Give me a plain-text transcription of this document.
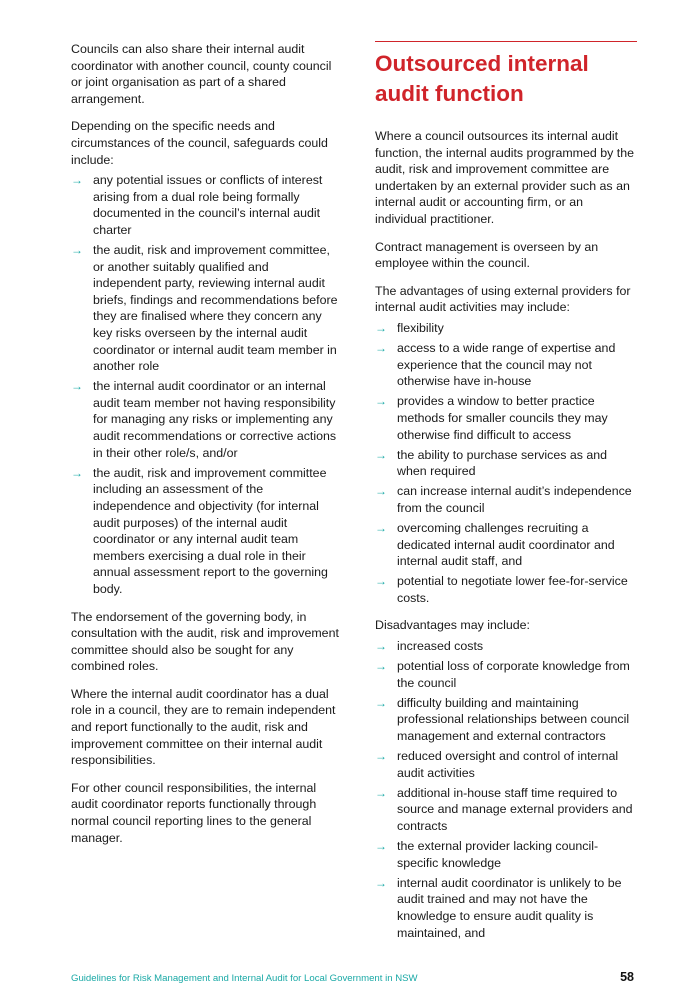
Councils can also share their internal audit coordinator with another council, county council or joint organisation as part of a shared arrangement.

Depending on the specific needs and circumstances of the council, safeguards could include:

→ any potential issues or conflicts of interest arising from a dual role being formally documented in the council’s internal audit charter
→ the audit, risk and improvement committee, or another suitably qualified and independent party, reviewing internal audit briefs, findings and recommendations before they are finalised where they concern any key risks overseen by the internal audit coordinator or internal audit team member in another role
→ the internal audit coordinator or an internal audit team member not having responsibility for managing any risks or implementing any audit recommendations or corrective actions in their other role/s, and/or
→ the audit, risk and improvement committee including an assessment of the independence and objectivity (for internal audit purposes) of the internal audit coordinator or any internal audit team members exercising a dual role in their annual assessment report to the governing body.

The endorsement of the governing body, in consultation with the audit, risk and improvement committee should also be sought for any combined roles.

Where the internal audit coordinator has a dual role in a council, they are to remain independent and report functionally to the audit, risk and improvement committee on their internal audit responsibilities.

For other council responsibilities, the internal audit coordinator reports functionally through normal council reporting lines to the general manager.

Outsourced internal audit function

Where a council outsources its internal audit function, the internal audits programmed by the audit, risk and improvement committee are undertaken by an external provider such as an internal audit or accounting firm, or an individual practitioner.

Contract management is overseen by an employee within the council.

The advantages of using external providers for internal audit activities may include:

→ flexibility
→ access to a wide range of expertise and experience that the council may not otherwise have in-house
→ provides a window to better practice methods for smaller councils they may otherwise find difficult to access
→ the ability to purchase services as and when required
→ can increase internal audit’s independence from the council
→ overcoming challenges recruiting a dedicated internal audit coordinator and internal audit staff, and
→ potential to negotiate lower fee-for-service costs.

Disadvantages may include:

→ increased costs
→ potential loss of corporate knowledge from the council
→ difficulty building and maintaining professional relationships between council management and external contractors
→ reduced oversight and control of internal audit activities
→ additional in-house staff time required to source and manage external providers and contracts
→ the external provider lacking council-specific knowledge
→ internal audit coordinator is unlikely to be audit trained and may not have the knowledge to ensure audit quality is maintained, and
Guidelines for Risk Management and Internal Audit for Local Government in NSW	58
